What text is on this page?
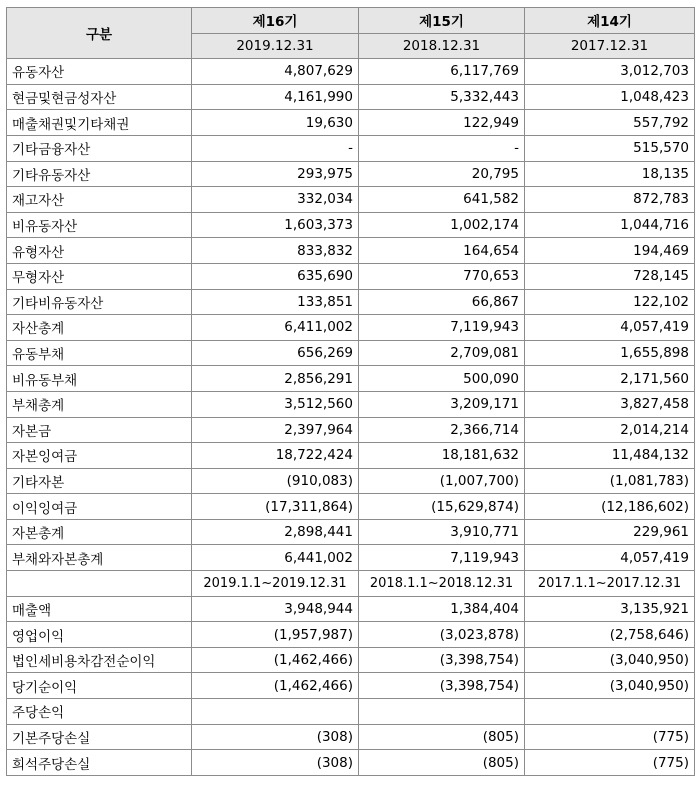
구분	제16기	제15기	제14기
	2019.12.31	2018.12.31	2017.12.31
유동자산	4,807,629	6,117,769	3,012,703
현금및현금성자산	4,161,990	5,332,443	1,048,423
매출채권및기타채권	19,630	122,949	557,792
기타금융자산	-	-	515,570
기타유동자산	293,975	20,795	18,135
재고자산	332,034	641,582	872,783
비유동자산	1,603,373	1,002,174	1,044,716
유형자산	833,832	164,654	194,469
무형자산	635,690	770,653	728,145
기타비유동자산	133,851	66,867	122,102
자산총계	6,411,002	7,119,943	4,057,419
유동부채	656,269	2,709,081	1,655,898
비유동부채	2,856,291	500,090	2,171,560
부채총계	3,512,560	3,209,171	3,827,458
자본금	2,397,964	2,366,714	2,014,214
자본잉여금	18,722,424	18,181,632	11,484,132
기타자본	(910,083)	(1,007,700)	(1,081,783)
이익잉여금	(17,311,864)	(15,629,874)	(12,186,602)
자본총계	2,898,441	3,910,771	229,961
부채와자본총계	6,441,002	7,119,943	4,057,419
	2019.1.1~2019.12.31	2018.1.1~2018.12.31	2017.1.1~2017.12.31
매출액	3,948,944	1,384,404	3,135,921
영업이익	(1,957,987)	(3,023,878)	(2,758,646)
법인세비용차감전순이익	(1,462,466)	(3,398,754)	(3,040,950)
당기순이익	(1,462,466)	(3,398,754)	(3,040,950)
주당손익			
기본주당손실	(308)	(805)	(775)
희석주당손실	(308)	(805)	(775)
